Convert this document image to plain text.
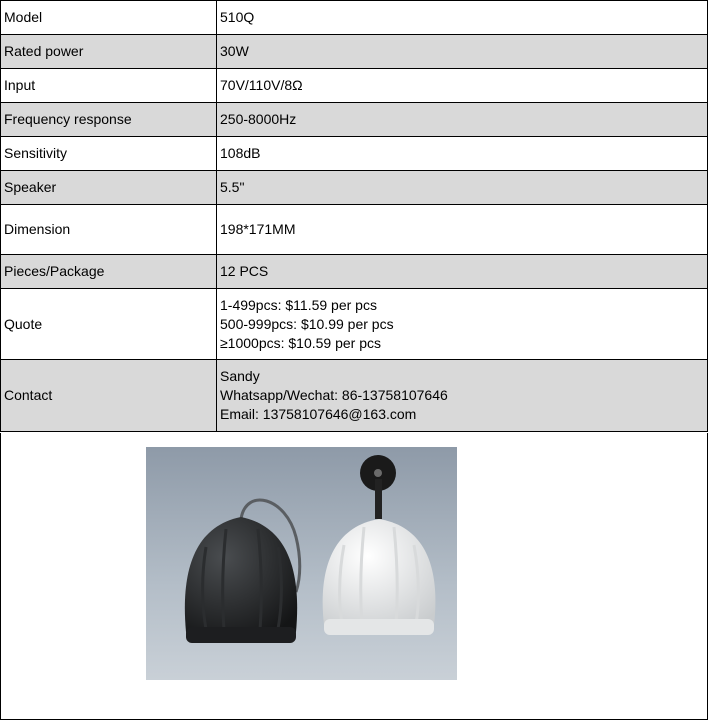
Model	510Q

Rated power	30W

Input	70V/110V/8Ω

Frequency response	250-8000Hz

Sensitivity	108dB

Speaker	5.5"

Dimension	198*171MM

Pieces/Package	12 PCS

Quote	1-499pcs: $11.59 per pcs
500-999pcs: $10.99 per pcs
≥1000pcs: $10.59 per pcs

Contact	Sandy
Whatsapp/Wechat: 86-13758107646
Email: 13758107646@163.com
